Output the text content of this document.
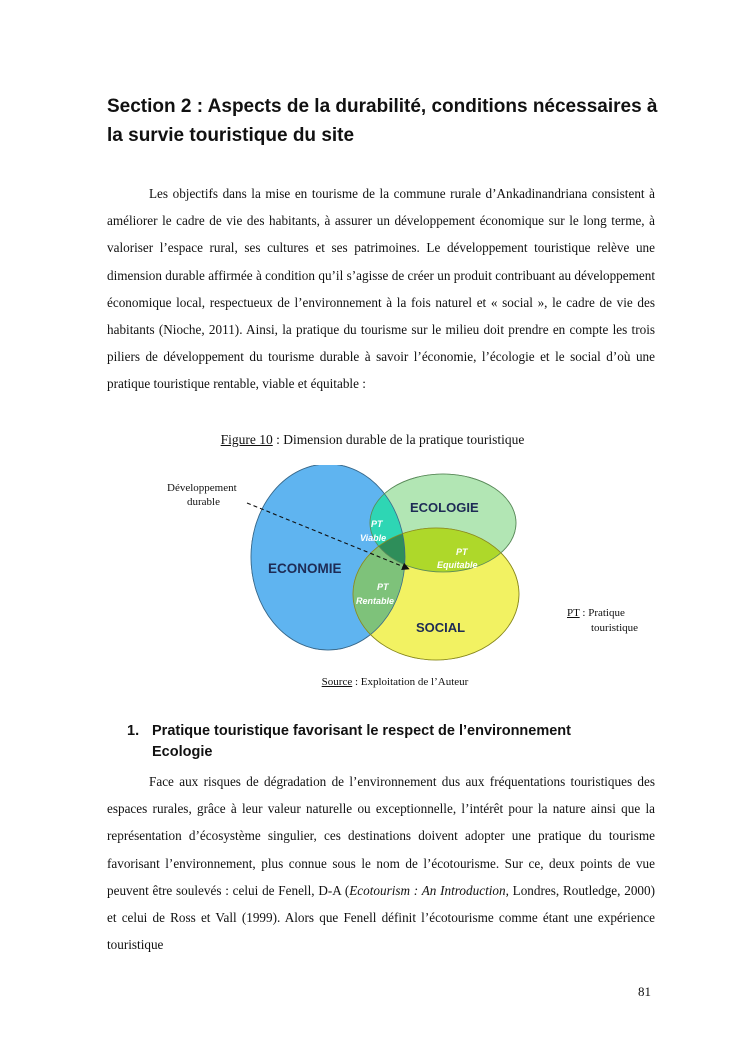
Section 2 : Aspects de la durabilité, conditions nécessaires à la survie touristique du site

Les objectifs dans la mise en tourisme de la commune rurale d’Ankadinandriana consistent à améliorer le cadre de vie des habitants, à assurer un développement économique sur le long terme, à valoriser l’espace rural, ses cultures et ses patrimoines. Le développement touristique relève une dimension durable affirmée à condition qu’il s’agisse de créer un produit contribuant au développement économique local, respectueux de l’environnement à la fois naturel et « social », le cadre de vie des habitants (Nioche, 2011). Ainsi, la pratique du tourisme sur le milieu doit prendre en compte les trois piliers de développement du tourisme durable à savoir l’économie, l’écologie et le social d’où une pratique touristique rentable, viable et équitable :

Figure 10 : Dimension durable de la pratique touristique
ECONOMIE
ECOLOGIE
SOCIAL
PT
Viable
PT
Equitable
PT
Rentable
Développement
durable
PT : Pratique
touristique
Source : Exploitation de l’Auteur
1. Pratique touristique favorisant le respect de l’environnement
Ecologie

Face aux risques de dégradation de l’environnement dus aux fréquentations touristiques des espaces rurales, grâce à leur valeur naturelle ou exceptionnelle, l’intérêt pour la nature ainsi que la représentation d’écosystème singulier, ces destinations doivent adopter une pratique du tourisme favorisant l’environnement, plus connue sous le nom de l’écotourisme. Sur ce, deux points de vue peuvent être soulevés : celui de Fenell, D-A (Ecotourism : An Introduction, Londres, Routledge, 2000) et celui de Ross et Vall (1999). Alors que Fenell définit l’écotourisme comme étant une expérience touristique

81
